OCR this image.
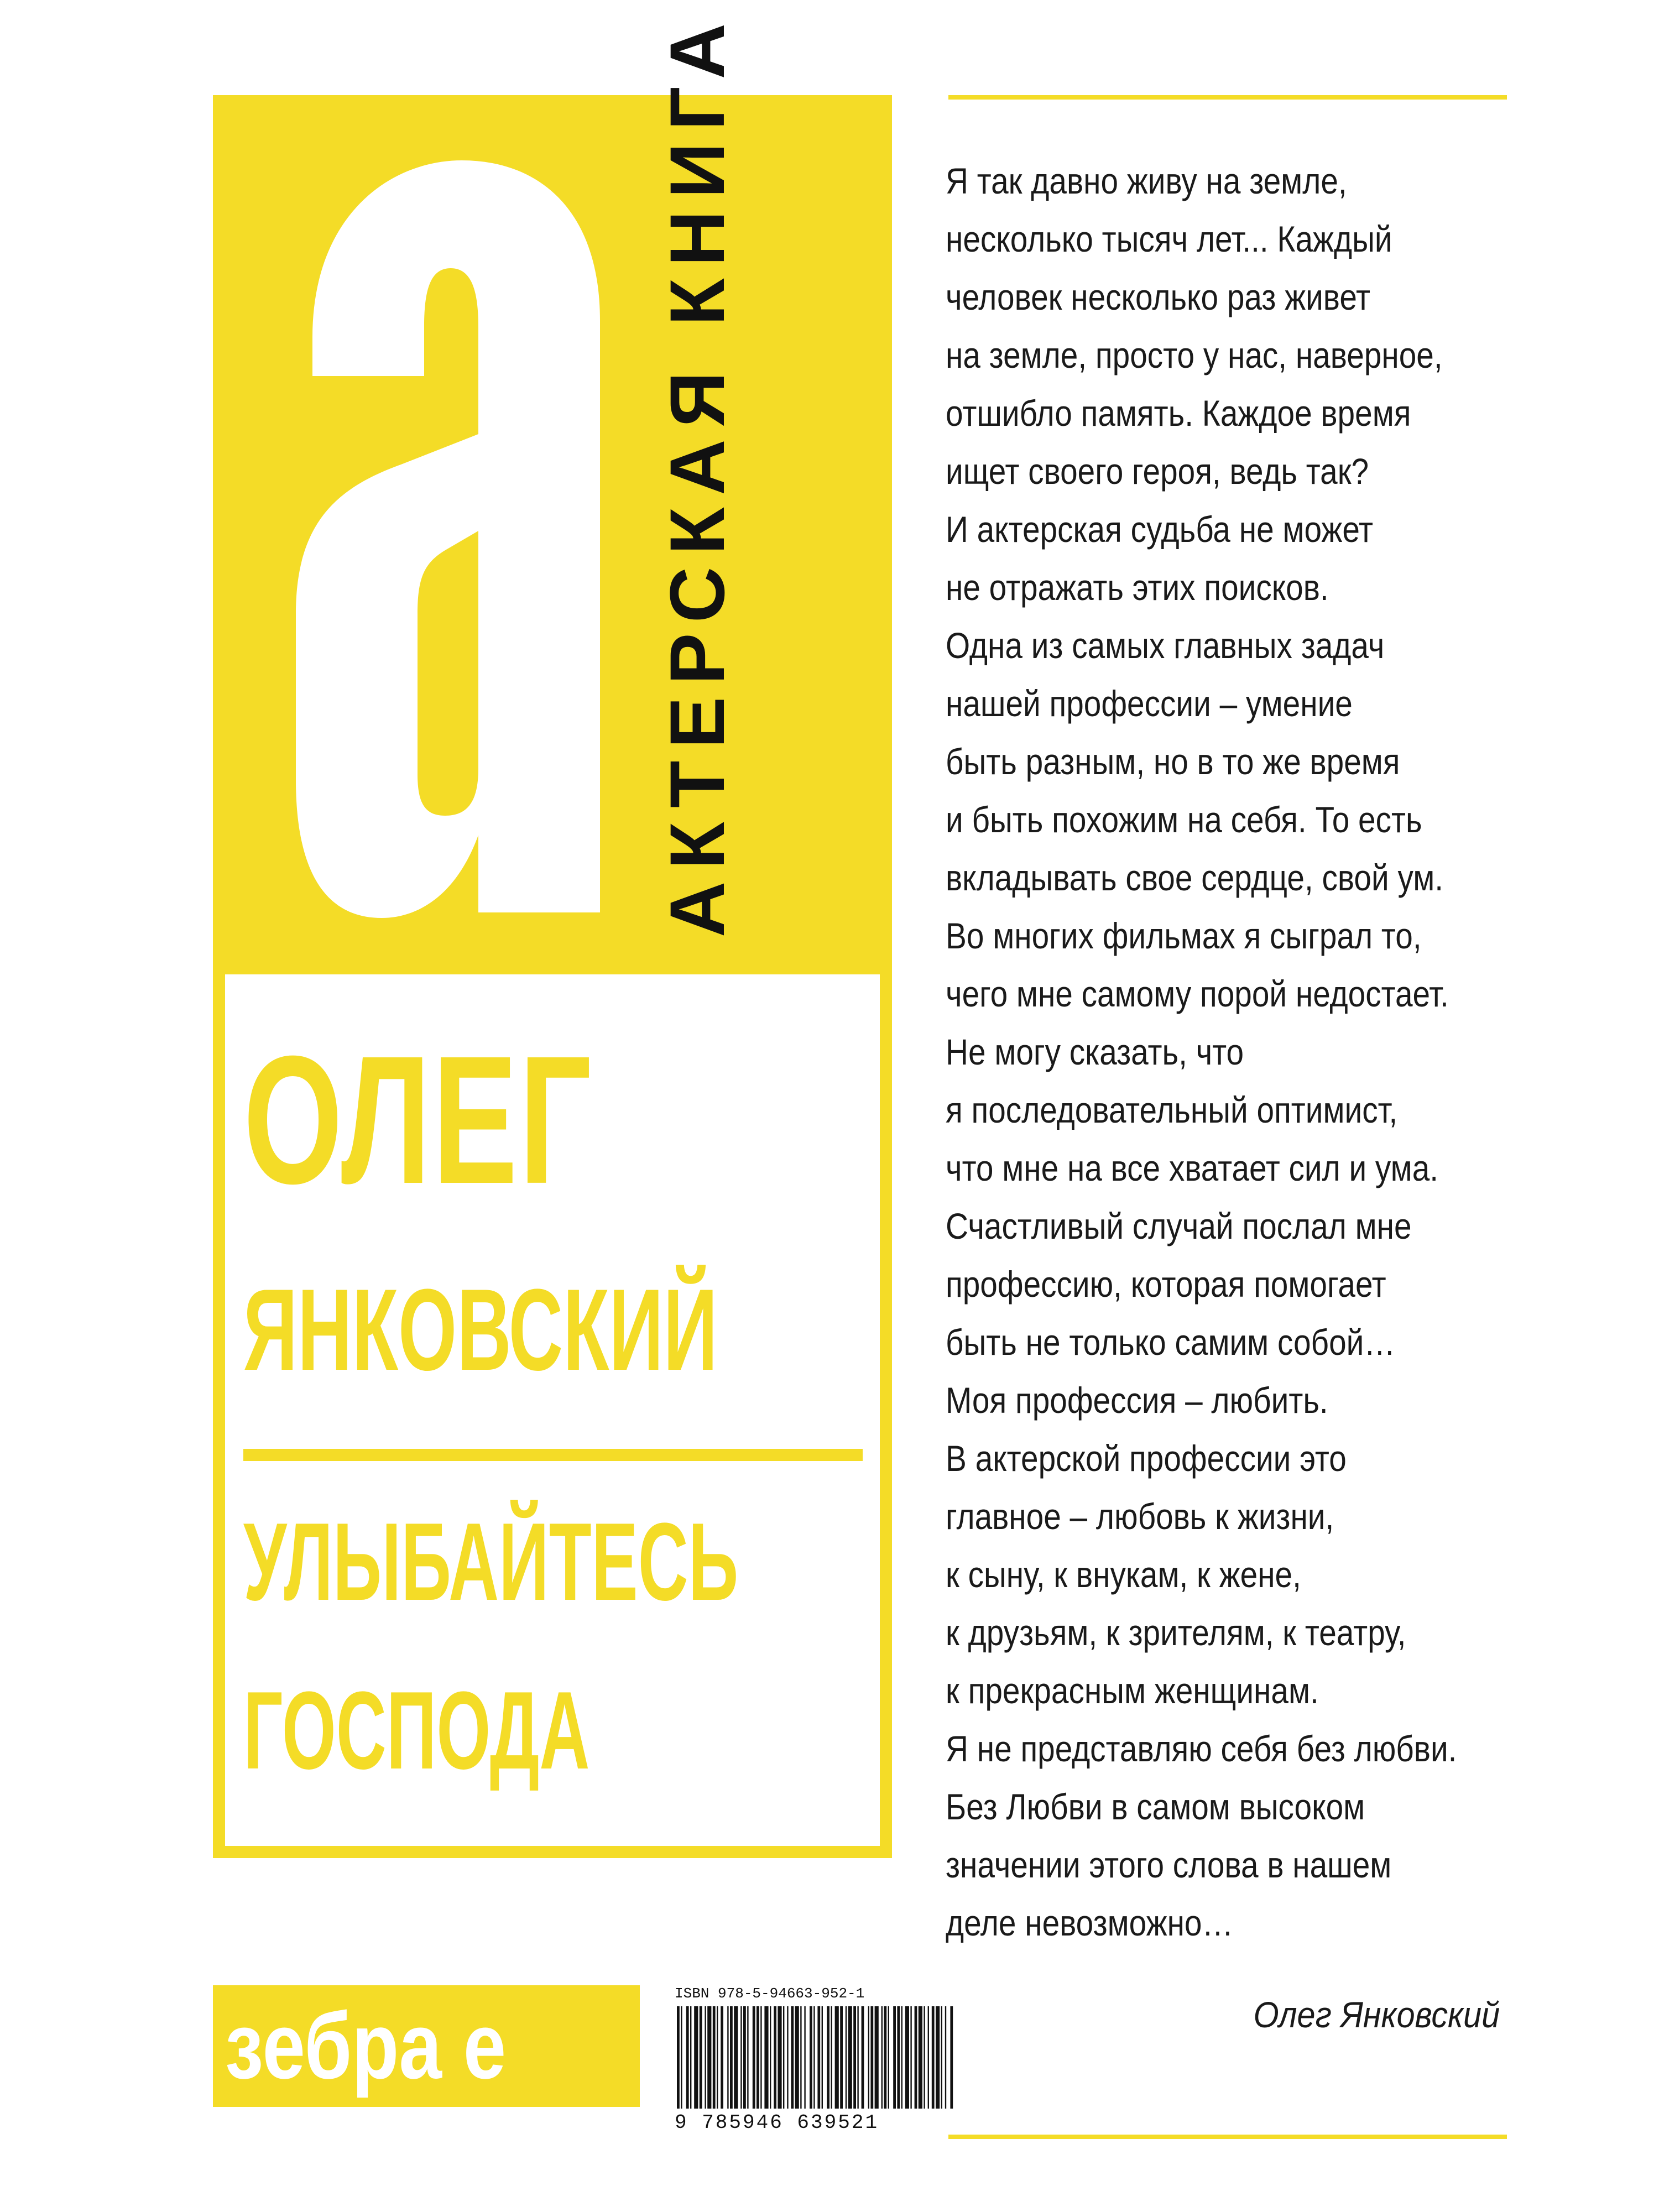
АКТЕРСКАЯ КНИГА
ОЛЕГ
ЯНКОВСКИЙ
УЛЫБАЙТЕСЬ
ГОСПОДА
зебра е	ISBN 978-5-94663-952-1
9 785946 639521
Я так давно живу на земле,
несколько тысяч лет... Каждый
человек несколько раз живет
на земле, просто у нас, наверное,
отшибло память. Каждое время
ищет своего героя, ведь так?
И актерская судьба не может
не отражать этих поисков.
Одна из самых главных задач
нашей профессии – умение
быть разным, но в то же время
и быть похожим на себя. То есть
вкладывать свое сердце, свой ум.
Во многих фильмах я сыграл то,
чего мне самому порой недостает.
Не могу сказать, что
я последовательный оптимист,
что мне на все хватает сил и ума.
Счастливый случай послал мне
профессию, которая помогает
быть не только самим собой…
Моя профессия – любить.
В актерской профессии это
главное – любовь к жизни,
к сыну, к внукам, к жене,
к друзьям, к зрителям, к театру,
к прекрасным женщинам.
Я не представляю себя без любви.
Без Любви в самом высоком
значении этого слова в нашем
деле невозможно…
Олег Янковский
